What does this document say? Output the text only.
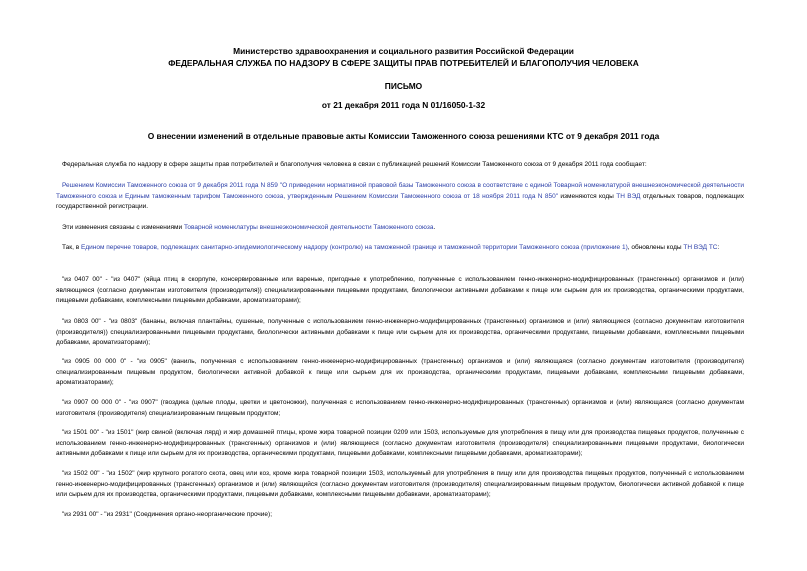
Министерство здравоохранения и социального развития Российской Федерации
ФЕДЕРАЛЬНАЯ СЛУЖБА ПО НАДЗОРУ В СФЕРЕ ЗАЩИТЫ ПРАВ ПОТРЕБИТЕЛЕЙ И БЛАГОПОЛУЧИЯ ЧЕЛОВЕКА
ПИСЬМО
от 21 декабря 2011 года N 01/16050-1-32
О внесении изменений в отдельные правовые акты Комиссии Таможенного союза решениями КТС от 9 декабря 2011 года
Федеральная служба по надзору в сфере защиты прав потребителей и благополучия человека в связи с публикацией решений Комиссии Таможенного союза от 9 декабря 2011 года сообщает:
Решением Комиссии Таможенного союза от 9 декабря 2011 года N 859 "О приведении нормативной правовой базы Таможенного союза в соответствие с единой Товарной номенклатурой внешнеэкономической деятельности Таможенного союза и Единым таможенным тарифом Таможенного союза, утвержденным Решением Комиссии Таможенного союза от 18 ноября 2011 года N 850" изменяются коды ТН ВЭД отдельных товаров, подлежащих государственной регистрации.
Эти изменения связаны с изменениями Товарной номенклатуры внешнеэкономической деятельности Таможенного союза.
Так, в Едином перечне товаров, подлежащих санитарно-эпидемиологическому надзору (контролю) на таможенной границе и таможенной территории Таможенного союза (приложение 1), обновлены коды ТН ВЭД ТС:
"из 0407 00" - "из 0407" (яйца птиц в скорлупе, консервированные или вареные, пригодные к употреблению, полученные с использованием генно-инженерно-модифицированных (трансгенных) организмов и (или) являющиеся (согласно документам изготовителя (производителя)) специализированными пищевыми продуктами, биологически активными добавками к пище или сырьем для их производства, органическими продуктами, пищевыми добавками, комплексными пищевыми добавками, ароматизаторами);
"из 0803 00" - "из 0803" (бананы, включая плантайны, сушеные, полученные с использованием генно-инженерно-модифицированных (трансгенных) организмов и (или) являющиеся (согласно документам изготовителя (производителя)) специализированными пищевыми продуктами, биологически активными добавками к пище или сырьем для их производства, органическими продуктами, пищевыми добавками, комплексными пищевыми добавками, ароматизаторами);
"из 0905 00 000 0" - "из 0905" (ваниль, полученная с использованием генно-инженерно-модифицированных (трансгенных) организмов и (или) являющаяся (согласно документам изготовителя (производителя) специализированным пищевым продуктом, биологически активной добавкой к пище или сырьем для их производства, органическими продуктами, пищевыми добавками, комплексными пищевыми добавками, ароматизаторами);
"из 0907 00 000 0" - "из 0907" (гвоздика (целые плоды, цветки и цветоножки), полученная с использованием генно-инженерно-модифицированных (трансгенных) организмов и (или) являющаяся (согласно документам изготовителя (производителя) специализированным пищевым продуктом;
"из 1501 00" - "из 1501" (жир свиной (включая лярд) и жир домашней птицы, кроме жира товарной позиции 0209 или 1503, используемые для употребления в пищу или для производства пищевых продуктов, полученные с использованием генно-инженерно-модифицированных (трансгенных) организмов и (или) являющиеся (согласно документам изготовителя (производителя) специализированными пищевыми продуктами, биологически активными добавками к пище или сырьем для их производства, органическими продуктами, пищевыми добавками, комплексными пищевыми добавками, ароматизаторами);
"из 1502 00" - "из 1502" (жир крупного рогатого скота, овец или коз, кроме жира товарной позиции 1503, используемый для употребления в пищу или для производства пищевых продуктов, полученный с использованием генно-инженерно-модифицированных (трансгенных) организмов и (или) являющийся (согласно документам изготовителя (производителя) специализированным пищевым продуктом, биологически активной добавкой к пище или сырьем для их производства, органическими продуктами, пищевыми добавками, комплексными пищевыми добавками, ароматизаторами);
"из 2931 00" - "из 2931" (Соединения органо-неорганические прочие);
